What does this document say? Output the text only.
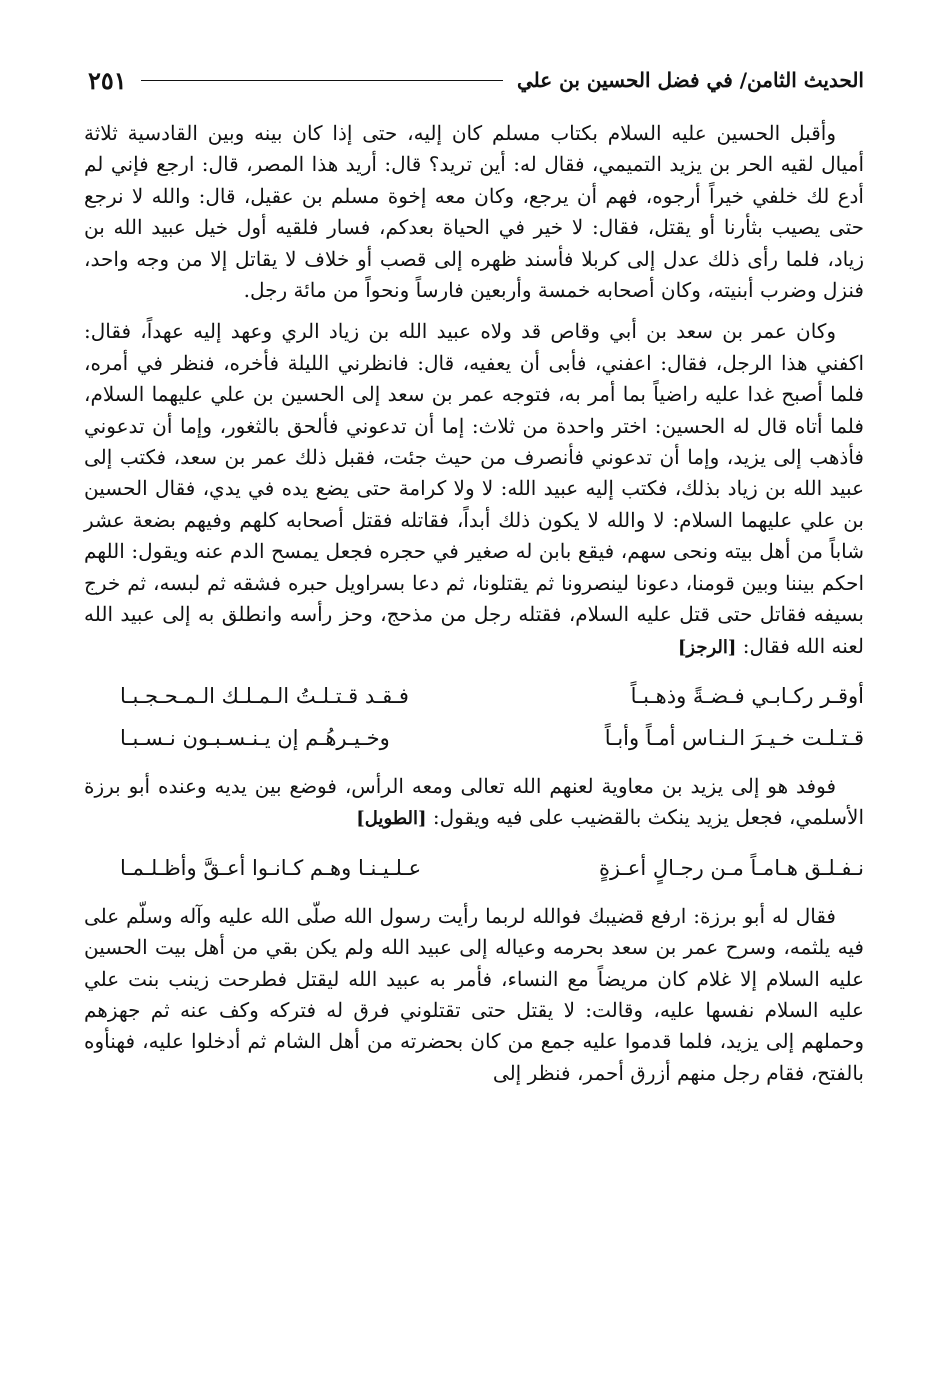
الحديث الثامن/ في فضل الحسين بن علي
٢٥١

وأقبل الحسين عليه السلام بكتاب مسلم كان إليه، حتى إذا كان بينه وبين القادسية ثلاثة أميال لقيه الحر بن يزيد التميمي، فقال له: أين تريد؟ قال: أريد هذا المصر، قال: ارجع فإني لم أدع لك خلفي خيراً أرجوه، فهم أن يرجع، وكان معه إخوة مسلم بن عقيل، قال: والله لا نرجع حتى يصيب بثأرنا أو يقتل، فقال: لا خير في الحياة بعدكم، فسار فلقيه أول خيل عبيد الله بن زياد، فلما رأى ذلك عدل إلى كربلا فأسند ظهره إلى قصب أو خلاف لا يقاتل إلا من وجه واحد، فنزل وضرب أبنيته، وكان أصحابه خمسة وأربعين فارساً ونحواً من مائة رجل.

وكان عمر بن سعد بن أبي وقاص قد ولاه عبيد الله بن زياد الري وعهد إليه عهداً، فقال: اكفني هذا الرجل، فقال: اعفني، فأبى أن يعفيه، قال: فانظرني الليلة فأخره، فنظر في أمره، فلما أصبح غدا عليه راضياً بما أمر به، فتوجه عمر بن سعد إلى الحسين بن علي عليهما السلام، فلما أتاه قال له الحسين: اختر واحدة من ثلاث: إما أن تدعوني فألحق بالثغور، وإما أن تدعوني فأذهب إلى يزيد، وإما أن تدعوني فأنصرف من حيث جئت، فقبل ذلك عمر بن سعد، فكتب إلى عبيد الله بن زياد بذلك، فكتب إليه عبيد الله: لا ولا كرامة حتى يضع يده في يدي، فقال الحسين بن علي عليهما السلام: لا والله لا يكون ذلك أبداً، فقاتله فقتل أصحابه كلهم وفيهم بضعة عشر شاباً من أهل بيته ونحى سهم، فيقع بابن له صغير في حجره فجعل يمسح الدم عنه ويقول: اللهم احكم بيننا وبين قومنا، دعونا لينصرونا ثم يقتلونا، ثم دعا بسراويل حبره فشقه ثم لبسه، ثم خرج بسيفه فقاتل حتى قتل عليه السلام، فقتله رجل من مذحج، وحز رأسه وانطلق به إلى عبيد الله لعنه الله فقال: [الرجز]

أوقـر ركـابـي فـضـةً وذهـبـاً
فـقـد قـتـلـتُ الـمـلـك الـمـحـجـبـا
قـتـلـت خـيـرَ الـنـاس أمـاً وأبـاً
وخـيـرهُـم إن يـنـسـبـون نـسـبـا

فوفد هو إلى يزيد بن معاوية لعنهم الله تعالى ومعه الرأس، فوضع بين يديه وعنده أبو برزة الأسلمي، فجعل يزيد ينكث بالقضيب على فيه ويقول: [الطويل]

نـفـلـق هـامـاً مـن رجـالٍ أعـزةٍ
عـلـيـنـا وهـم كـانـوا أعـقَّ وأظـلـمـا

فقال له أبو برزة: ارفع قضيبك فوالله لربما رأيت رسول الله صلّى الله عليه وآله وسلّم على فيه يلثمه، وسرح عمر بن سعد بحرمه وعياله إلى عبيد الله ولم يكن بقي من أهل بيت الحسين عليه السلام إلا غلام كان مريضاً مع النساء، فأمر به عبيد الله ليقتل فطرحت زينب بنت علي عليه السلام نفسها عليه، وقالت: لا يقتل حتى تقتلوني فرق له فتركه وكف عنه ثم جهزهم وحملهم إلى يزيد، فلما قدموا عليه جمع من كان بحضرته من أهل الشام ثم أدخلوا عليه، فهنأوه بالفتح، فقام رجل منهم أزرق أحمر، فنظر إلى
